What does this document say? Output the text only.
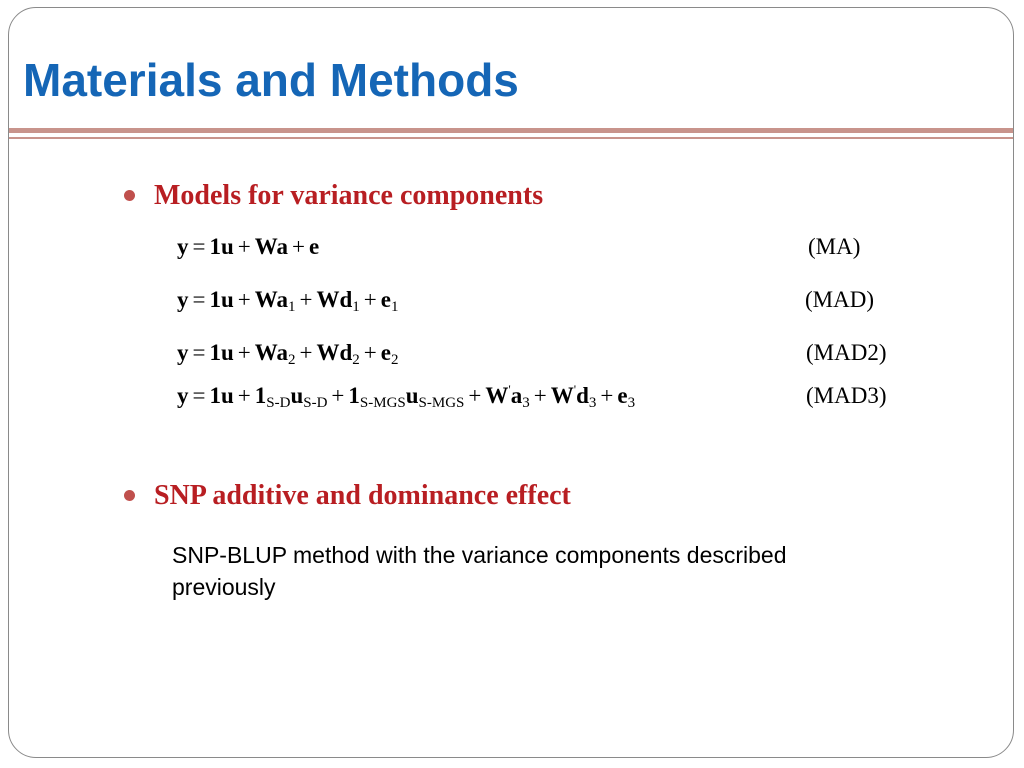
Materials and Methods
Models for variance components
y = 1u + Wa + e	(MA)
$y = 1u + Wa_1 + Wd_1 + e_1$	(MAD)
$y = 1u + Wa_2 + Wd_2 + e_2$	(MAD2)
$y = 1u + 1_{S-D}u_{S-D} + 1_{S-MGS}u_{S-MGS} + W'a_3 + W'd_3 + e_3$	(MAD3)
SNP additive and dominance effect
SNP-BLUP method with the variance components described previously
